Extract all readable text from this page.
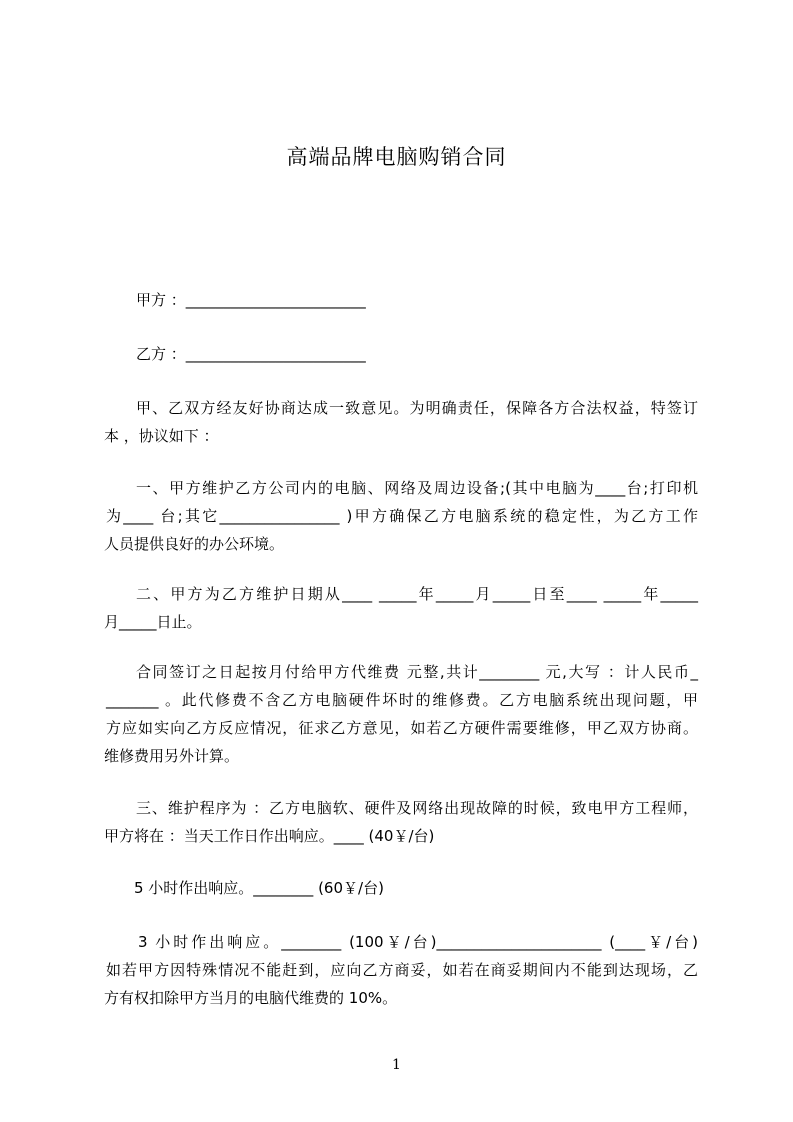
高端品牌电脑购销合同
甲方 ：________________________
乙方 ：________________________
甲、乙双方经友好协商达成一致意见。为明确责任，保障各方合法权益，特签订
本 ，协议如下 ：
一、甲方维护乙方公司内的电脑、网络及周边设备;(其中电脑为____台;打印机
为____ 台;其它________________ )甲方确保乙方电脑系统的稳定性，为乙方工作
人员提供良好的办公环境。
二、甲方为乙方维护日期从____ _____年_____月_____日至____ _____年_____
月_____日止。
合同签订之日起按月付给甲方代维费 元整,共计________ 元,大写 ：计人民币_
_______ 。此代修费不含乙方电脑硬件坏时的维修费。乙方电脑系统出现问题，甲
方应如实向乙方反应情况，征求乙方意见，如若乙方硬件需要维修，甲乙双方协商。
维修费用另外计算。
三、维护程序为 ：乙方电脑软、硬件及网络出现故障的时候，致电甲方工程师，
甲方将在 ：当天工作日作出响应。____ (40￥/台)
5 小时作出响应。________ (60￥/台)
3 小时作出响应。________ (100￥/台)______________________ (____￥/台)
如若甲方因特殊情况不能赶到，应向乙方商妥，如若在商妥期间内不能到达现场，乙
方有权扣除甲方当月的电脑代维费的 10%。
1
